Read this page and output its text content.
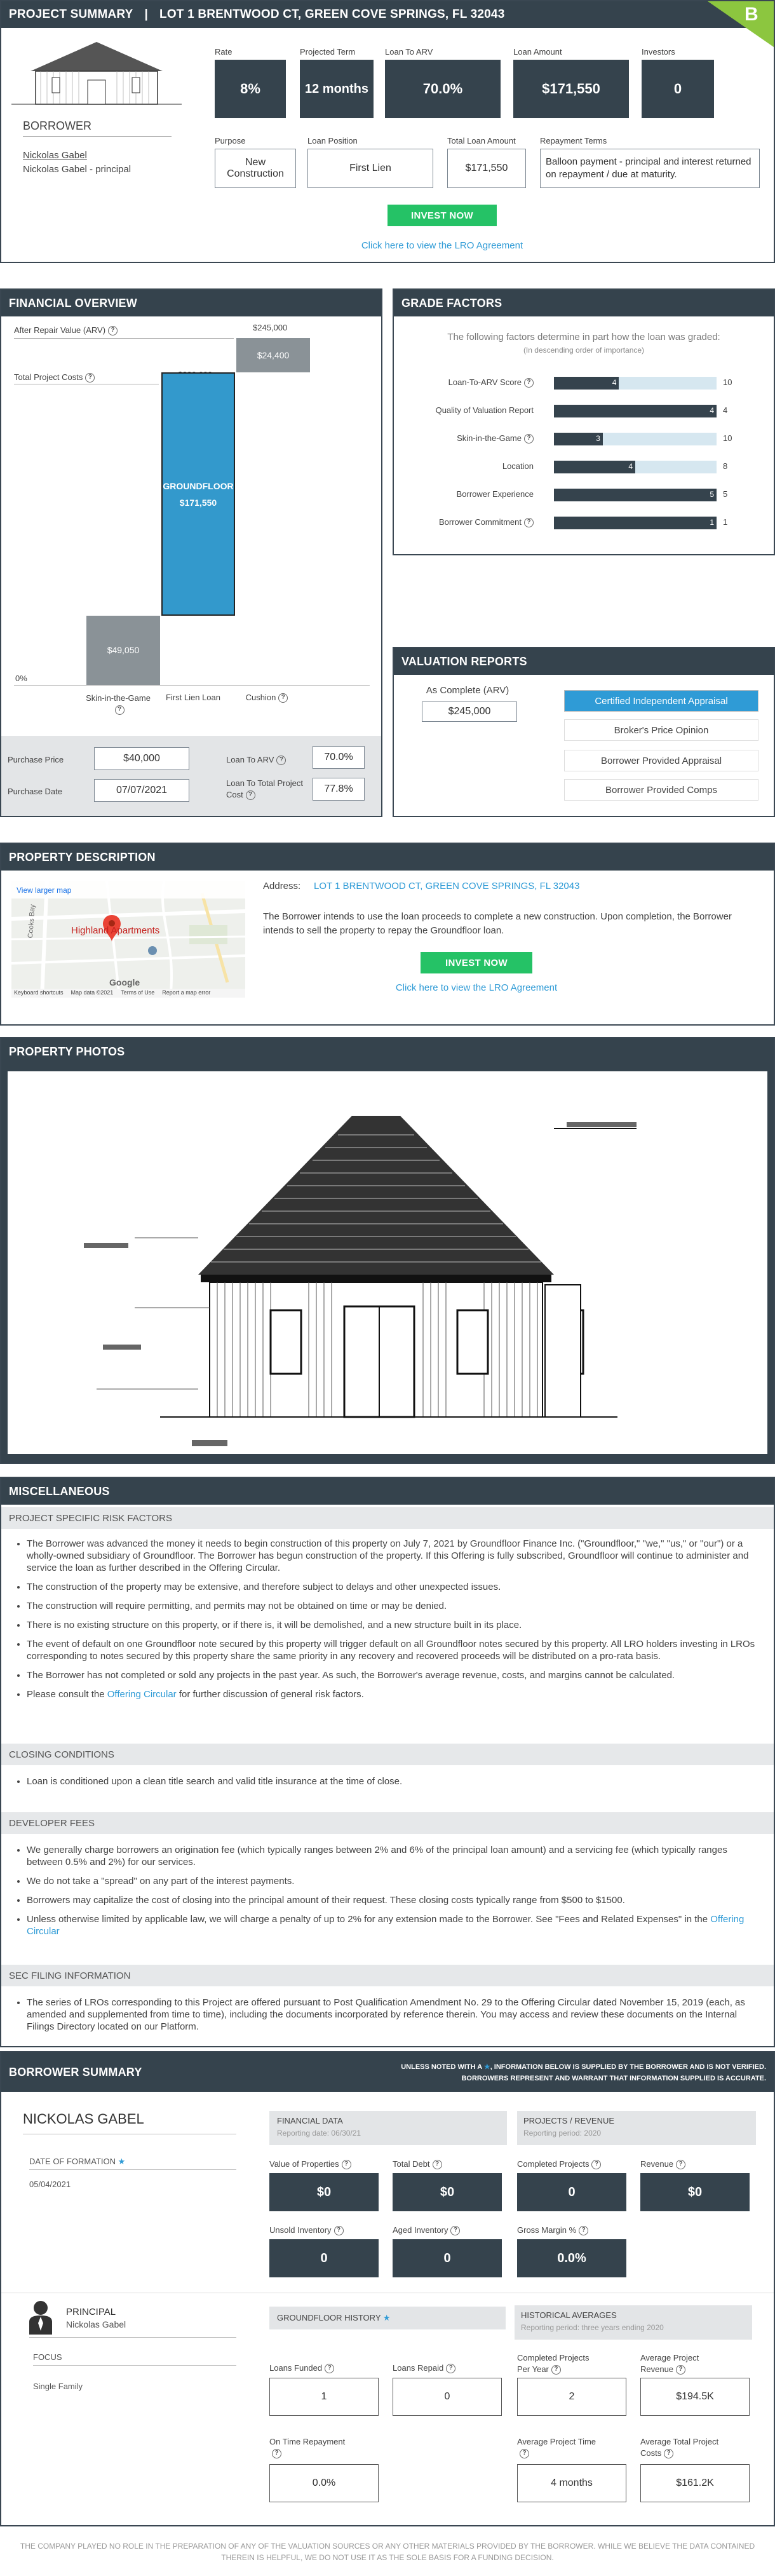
PROJECT SUMMARY | LOT 1 BRENTWOOD CT, GREEN COVE SPRINGS, FL 32043	B
BORROWER
Nickolas Gabel
Nickolas Gabel - principal
Rate
8%
Projected Term
12 months
Loan To ARV
70.0%
Loan Amount
$171,550
Investors
0
Purpose
New Construction
Loan Position
First Lien
Total Loan Amount
$171,550
Repayment Terms
Balloon payment - principal and interest returned on repayment / due at maturity.
INVEST NOW
Click here to view the LRO Agreement
FINANCIAL OVERVIEW
After Repair Value (ARV) ?	$245,000
Total Project Costs ?
0%
$49,050
GROUNDFLOOR
$171,550
$24,400
Skin-in-the-Game?
First Lien Loan	Cushion ?
Purchase Price	$40,000
Purchase Date	07/07/2021
Loan To ARV ?	70.0%
Loan To Total Project Cost ?
77.8%
GRADE FACTORS
The following factors determine in part how the loan was graded:
(In descending order of importance)
Loan-To-ARV Score ?	4	10
Quality of Valuation Report	4 4
Skin-in-the-Game ?	3	10
Location	4	8
Borrower Experience	5 5
Borrower Commitment ?	1 1
VALUATION REPORTS
As Complete (ARV)
$245,000
Certified Independent Appraisal
Broker's Price Opinion
Borrower Provided Appraisal
Borrower Provided Comps
PROPERTY DESCRIPTION
View larger map
Highland Apartments
Cooks Bay
Google
Keyboard shortcuts Map data ©2021 Terms of Use Report a map error
Address: LOT 1 BRENTWOOD CT, GREEN COVE SPRINGS, FL 32043
The Borrower intends to use the loan proceeds to complete a new construction. Upon completion, the Borrower intends to sell the property to repay the Groundfloor loan.
INVEST NOW
Click here to view the LRO Agreement
PROPERTY PHOTOS
MISCELLANEOUS
PROJECT SPECIFIC RISK FACTORS
• The Borrower was advanced the money it needs to begin construction of this property on July 7, 2021 by Groundfloor Finance Inc. ("Groundfloor," "we," "us," or "our") or a wholly-owned subsidiary of Groundfloor. The Borrower has begun construction of the property. If this Offering is fully subscribed, Groundfloor will continue to administer and service the loan as further described in the Offering Circular.
• The construction of the property may be extensive, and therefore subject to delays and other unexpected issues.
• The construction will require permitting, and permits may not be obtained on time or may be denied.
• There is no existing structure on this property, or if there is, it will be demolished, and a new structure built in its place.
• The event of default on one Groundfloor note secured by this property will trigger default on all Groundfloor notes secured by this property. All LRO holders investing in LROs corresponding to notes secured by this property share the same priority in any recovery and recovered proceeds will be distributed on a pro-rata basis.
• The Borrower has not completed or sold any projects in the past year. As such, the Borrower's average revenue, costs, and margins cannot be calculated.
• Please consult the Offering Circular for further discussion of general risk factors.
CLOSING CONDITIONS
• Loan is conditioned upon a clean title search and valid title insurance at the time of close.
DEVELOPER FEES
• We generally charge borrowers an origination fee (which typically ranges between 2% and 6% of the principal loan amount) and a servicing fee (which typically ranges between 0.5% and 2%) for our services.
• We do not take a "spread" on any part of the interest payments.
• Borrowers may capitalize the cost of closing into the principal amount of their request. These closing costs typically range from $500 to $1500.
• Unless otherwise limited by applicable law, we will charge a penalty of up to 2% for any extension made to the Borrower. See "Fees and Related Expenses" in the Offering Circular
SEC FILING INFORMATION
• The series of LROs corresponding to this Project are offered pursuant to Post Qualification Amendment No. 29 to the Offering Circular dated November 15, 2019 (each, as amended and supplemented from time to time), including the documents incorporated by reference therein. You may access and review these documents on the Internal Filings Directory located on our Platform.
BORROWER SUMMARY	UNLESS NOTED WITH A ★, INFORMATION BELOW IS SUPPLIED BY THE BORROWER AND IS NOT VERIFIED.
BORROWERS REPRESENT AND WARRANT THAT INFORMATION SUPPLIED IS ACCURATE.
NICKOLAS GABEL
DATE OF FORMATION ★
05/04/2021
FINANCIAL DATA
Reporting date: 06/30/21
PROJECTS / REVENUE
Reporting period: 2020
Value of Properties ?
$0
Total Debt ?
$0
Completed Projects ?
0
Revenue ?
$0
Unsold Inventory ?
0
Aged Inventory ?
0
Gross Margin % ?
0.0%
PRINCIPAL
Nickolas Gabel
FOCUS
Single Family
GROUNDFLOOR HISTORY ★	HISTORICAL AVERAGES
Reporting period: three years ending 2020
Loans Funded ?
1
Loans Repaid ?
0
Completed Projects Per Year ?
2
Average Project Revenue ?
$194.5K
On Time Repayment?
0.0%
Average Project Time?
4 months
Average Total Project Costs ?
$161.2K
THE COMPANY PLAYED NO ROLE IN THE PREPARATION OF ANY OF THE VALUATION SOURCES OR ANY OTHER MATERIALS PROVIDED BY THE BORROWER. WHILE WE BELIEVE THE DATA CONTAINED THEREIN IS HELPFUL, WE DO NOT USE IT AS THE SOLE BASIS FOR A FUNDING DECISION.
